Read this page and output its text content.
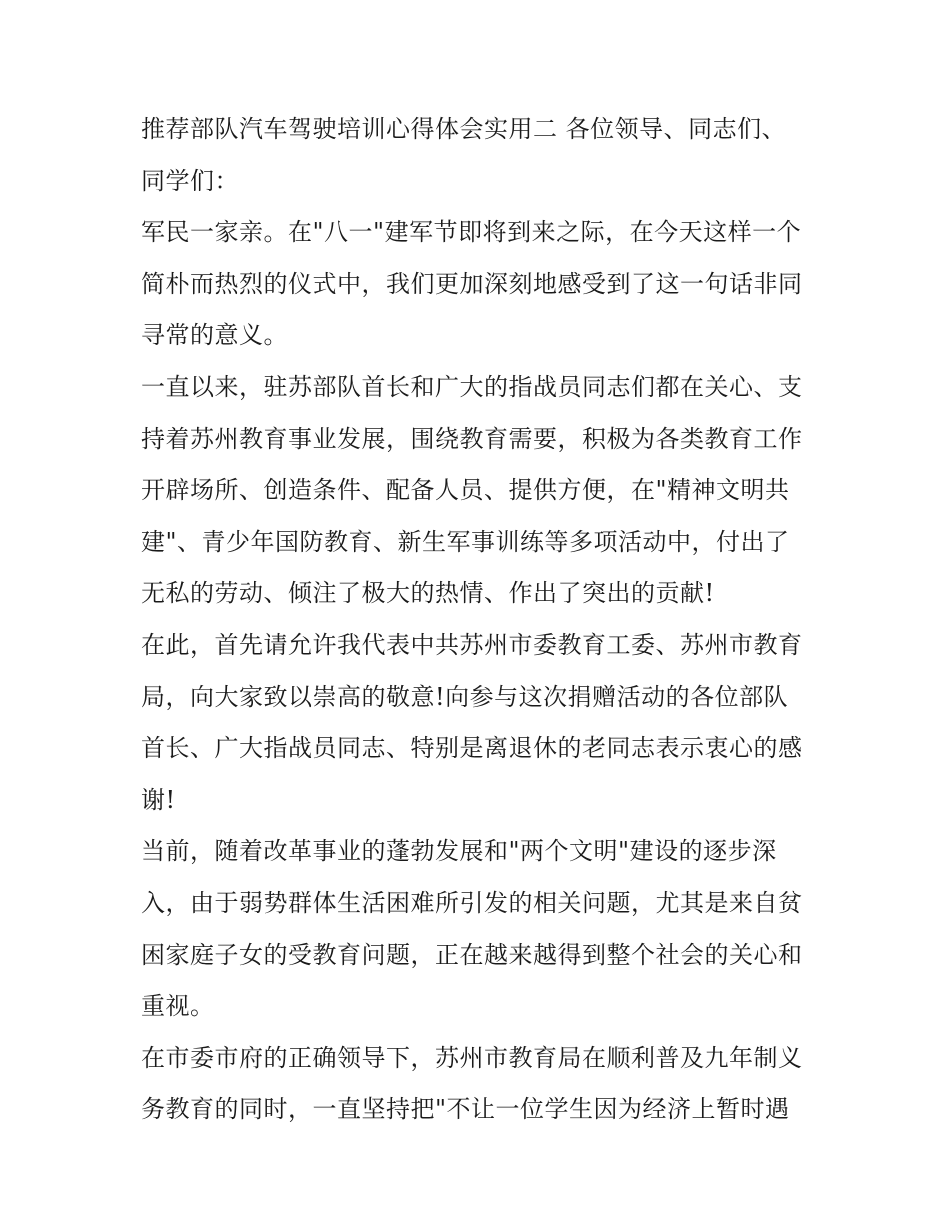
推荐部队汽车驾驶培训心得体会实用二 各位领导、同志们、
同学们：
军民一家亲。在"八一"建军节即将到来之际，在今天这样一个
简朴而热烈的仪式中，我们更加深刻地感受到了这一句话非同
寻常的意义。
一直以来，驻苏部队首长和广大的指战员同志们都在关心、支
持着苏州教育事业发展，围绕教育需要，积极为各类教育工作
开辟场所、创造条件、配备人员、提供方便，在"精神文明共
建"、青少年国防教育、新生军事训练等多项活动中，付出了
无私的劳动、倾注了极大的热情、作出了突出的贡献!
在此，首先请允许我代表中共苏州市委教育工委、苏州市教育
局，向大家致以崇高的敬意!向参与这次捐赠活动的各位部队
首长、广大指战员同志、特别是离退休的老同志表示衷心的感
谢!
当前，随着改革事业的蓬勃发展和"两个文明"建设的逐步深
入，由于弱势群体生活困难所引发的相关问题，尤其是来自贫
困家庭子女的受教育问题，正在越来越得到整个社会的关心和
重视。
在市委市府的正确领导下，苏州市教育局在顺利普及九年制义
务教育的同时，一直坚持把"不让一位学生因为经济上暂时遇
